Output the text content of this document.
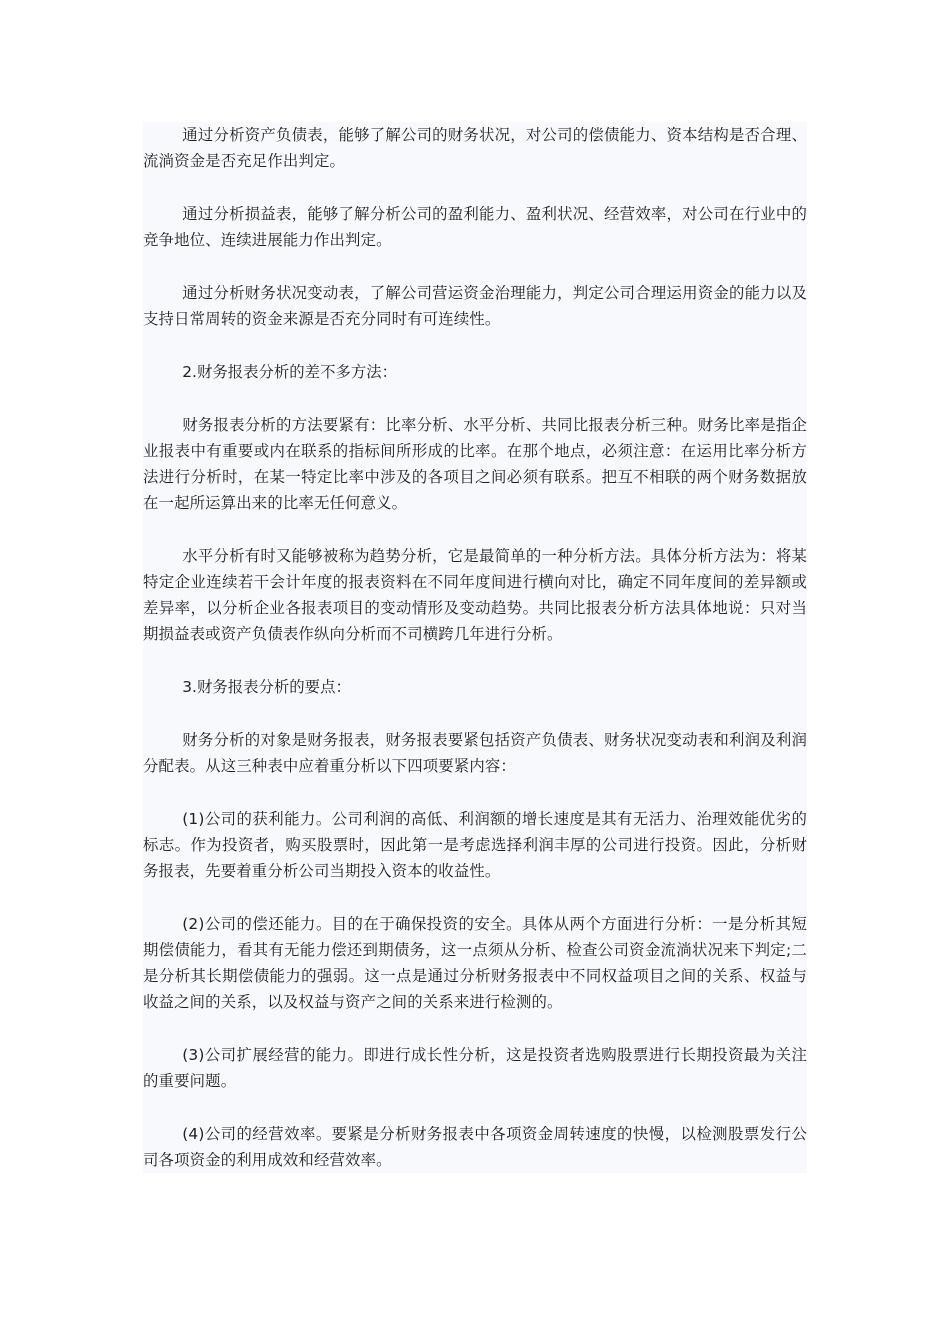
通过分析资产负债表，能够了解公司的财务状况，对公司的偿债能力、资本结构是否合理、流淌资金是否充足作出判定。

通过分析损益表，能够了解分析公司的盈利能力、盈利状况、经营效率，对公司在行业中的竞争地位、连续进展能力作出判定。

通过分析财务状况变动表，了解公司营运资金治理能力，判定公司合理运用资金的能力以及支持日常周转的资金来源是否充分同时有可连续性。

2.财务报表分析的差不多方法：

财务报表分析的方法要紧有：比率分析、水平分析、共同比报表分析三种。财务比率是指企业报表中有重要或内在联系的指标间所形成的比率。在那个地点，必须注意：在运用比率分析方法进行分析时，在某一特定比率中涉及的各项目之间必须有联系。把互不相联的两个财务数据放在一起所运算出来的比率无任何意义。

水平分析有时又能够被称为趋势分析，它是最简单的一种分析方法。具体分析方法为：将某特定企业连续若干会计年度的报表资料在不同年度间进行横向对比，确定不同年度间的差异额或差异率，以分析企业各报表项目的变动情形及变动趋势。共同比报表分析方法具体地说：只对当期损益表或资产负债表作纵向分析而不司横跨几年进行分析。

3.财务报表分析的要点：

财务分析的对象是财务报表，财务报表要紧包括资产负债表、财务状况变动表和利润及利润分配表。从这三种表中应着重分析以下四项要紧内容：

(1)公司的获利能力。公司利润的高低、利润额的增长速度是其有无活力、治理效能优劣的标志。作为投资者，购买股票时，因此第一是考虑选择利润丰厚的公司进行投资。因此，分析财务报表，先要着重分析公司当期投入资本的收益性。

(2)公司的偿还能力。目的在于确保投资的安全。具体从两个方面进行分析：一是分析其短期偿债能力，看其有无能力偿还到期债务，这一点须从分析、检查公司资金流淌状况来下判定;二是分析其长期偿债能力的强弱。这一点是通过分析财务报表中不同权益项目之间的关系、权益与收益之间的关系，以及权益与资产之间的关系来进行检测的。

(3)公司扩展经营的能力。即进行成长性分析，这是投资者选购股票进行长期投资最为关注的重要问题。

(4)公司的经营效率。要紧是分析财务报表中各项资金周转速度的快慢，以检测股票发行公司各项资金的利用成效和经营效率。
